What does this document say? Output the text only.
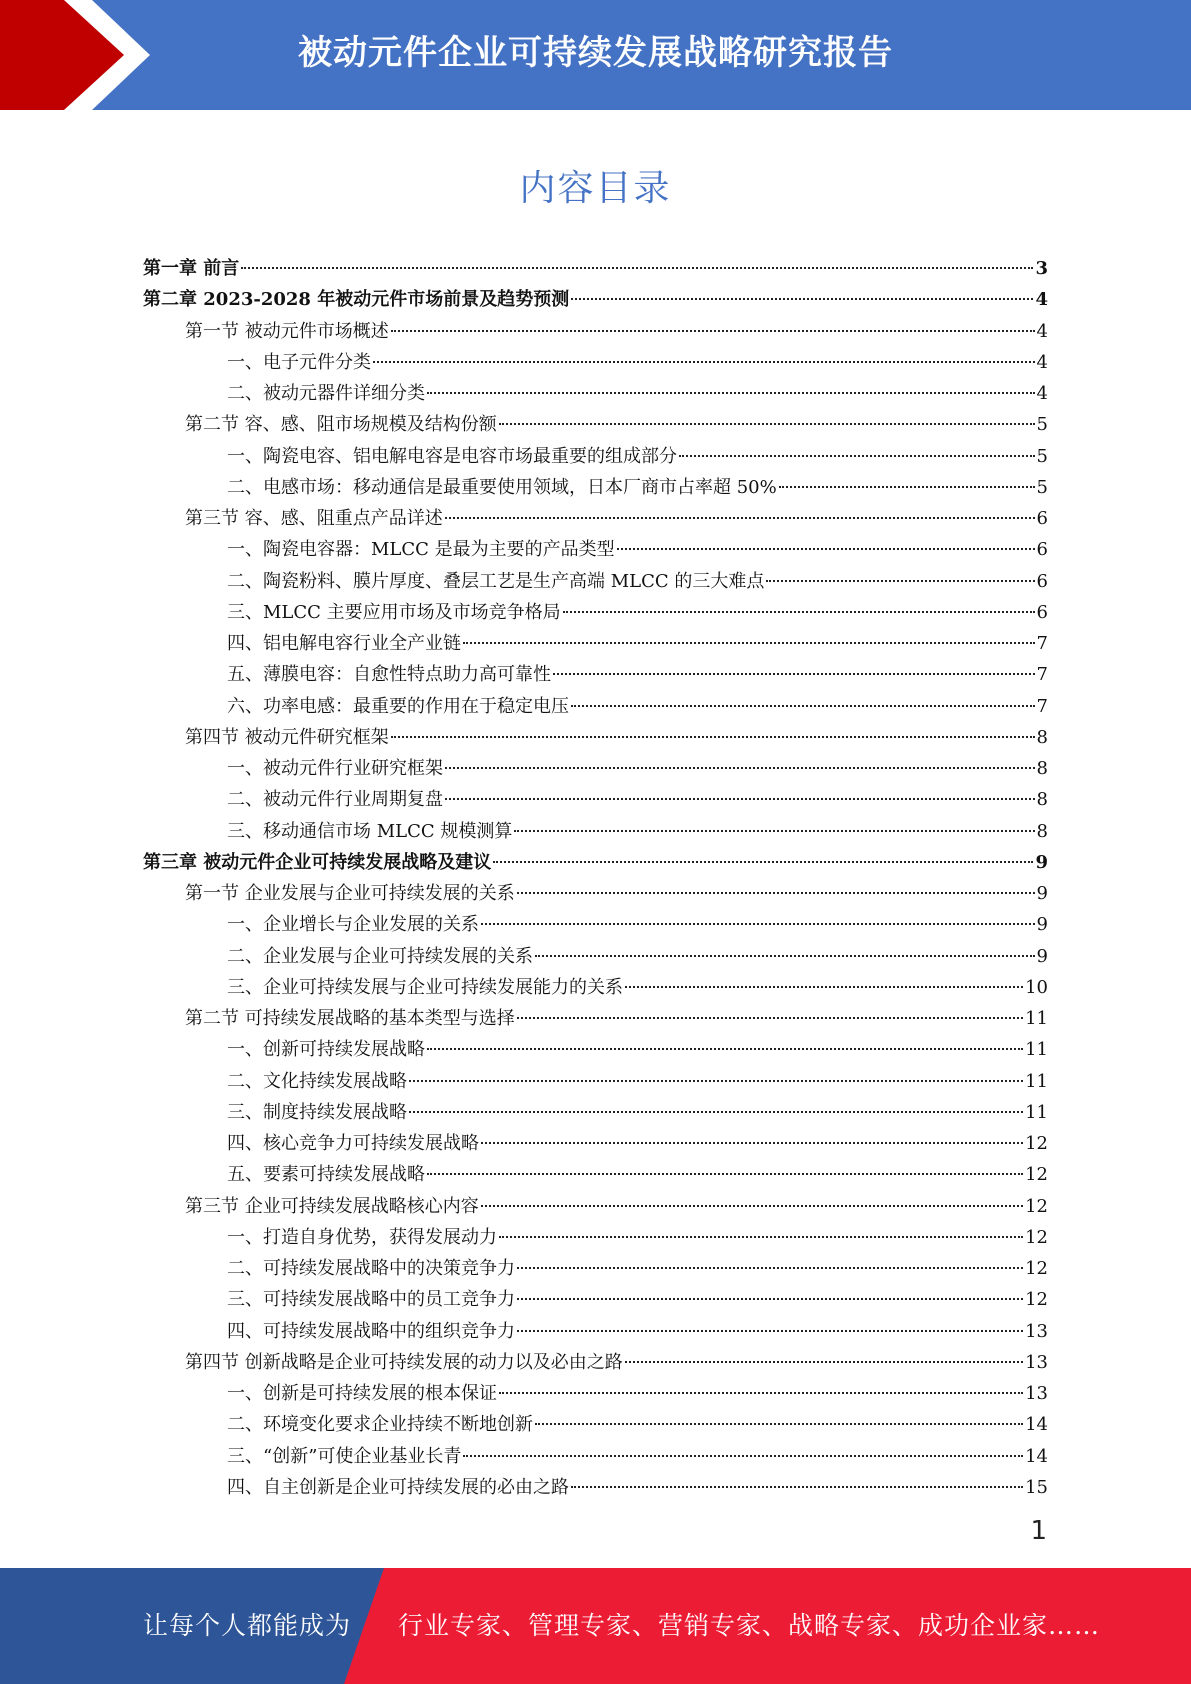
被动元件企业可持续发展战略研究报告
内容目录
第一章 前言	3
第二章 2023-2028 年被动元件市场前景及趋势预测	4
第一节 被动元件市场概述	4
一、电子元件分类	4
二、被动元器件详细分类	4
第二节 容、感、阻市场规模及结构份额	5
一、陶瓷电容、铝电解电容是电容市场最重要的组成部分	5
二、电感市场：移动通信是最重要使用领域，日本厂商市占率超 50%	5
第三节 容、感、阻重点产品详述	6
一、陶瓷电容器：MLCC 是最为主要的产品类型	6
二、陶瓷粉料、膜片厚度、叠层工艺是生产高端 MLCC 的三大难点	6
三、MLCC 主要应用市场及市场竞争格局	6
四、铝电解电容行业全产业链	7
五、薄膜电容：自愈性特点助力高可靠性	7
六、功率电感：最重要的作用在于稳定电压	7
第四节 被动元件研究框架	8
一、被动元件行业研究框架	8
二、被动元件行业周期复盘	8
三、移动通信市场 MLCC 规模测算	8
第三章 被动元件企业可持续发展战略及建议	9
第一节 企业发展与企业可持续发展的关系	9
一、企业增长与企业发展的关系	9
二、企业发展与企业可持续发展的关系	9
三、企业可持续发展与企业可持续发展能力的关系	10
第二节 可持续发展战略的基本类型与选择	11
一、创新可持续发展战略	11
二、文化持续发展战略	11
三、制度持续发展战略	11
四、核心竞争力可持续发展战略	12
五、要素可持续发展战略	12
第三节 企业可持续发展战略核心内容	12
一、打造自身优势，获得发展动力	12
二、可持续发展战略中的决策竞争力	12
三、可持续发展战略中的员工竞争力	12
四、可持续发展战略中的组织竞争力	13
第四节 创新战略是企业可持续发展的动力以及必由之路	13
一、创新是可持续发展的根本保证	13
二、环境变化要求企业持续不断地创新	14
三、“创新”可使企业基业长青	14
四、自主创新是企业可持续发展的必由之路	15
1
让每个人都能成为 行业专家、管理专家、营销专家、战略专家、成功企业家……
